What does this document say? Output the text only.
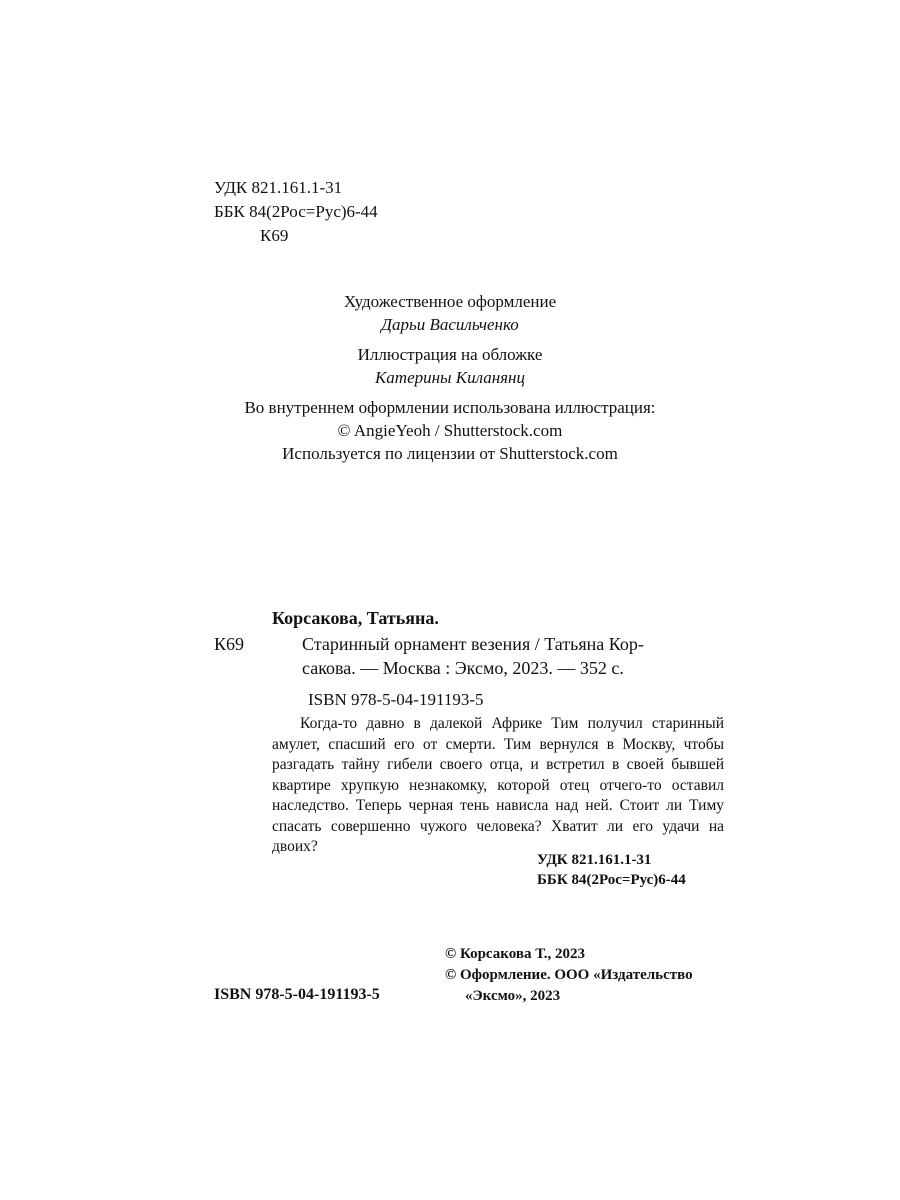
УДК 821.161.1-31
ББК 84(2Рос=Рус)6-44
К69
Художественное оформление
Дарьи Васильченко
Иллюстрация на обложке
Катерины Киланянц
Во внутреннем оформлении использована иллюстрация:
© AngieYeoh / Shutterstock.com
Используется по лицензии от Shutterstock.com
Корсакова, Татьяна.
К69	Старинный орнамент везения / Татьяна Кор-
сакова. — Москва : Эксмо, 2023. — 352 с.
ISBN 978-5-04-191193-5
Когда-то давно в далекой Африке Тим получил старинный амулет, спасший его от смерти. Тим вернулся в Москву, чтобы разгадать тайну гибели своего отца, и встретил в своей бывшей квартире хрупкую незнакомку, которой отец отчего-то оставил наследство. Теперь черная тень нависла над ней. Стоит ли Тиму спасать совершенно чужого человека? Хватит ли его удачи на двоих?
УДК 821.161.1-31
ББК 84(2Рос=Рус)6-44
© Корсакова Т., 2023
© Оформление. ООО «Издательство
«Эксмо», 2023
ISBN 978-5-04-191193-5
